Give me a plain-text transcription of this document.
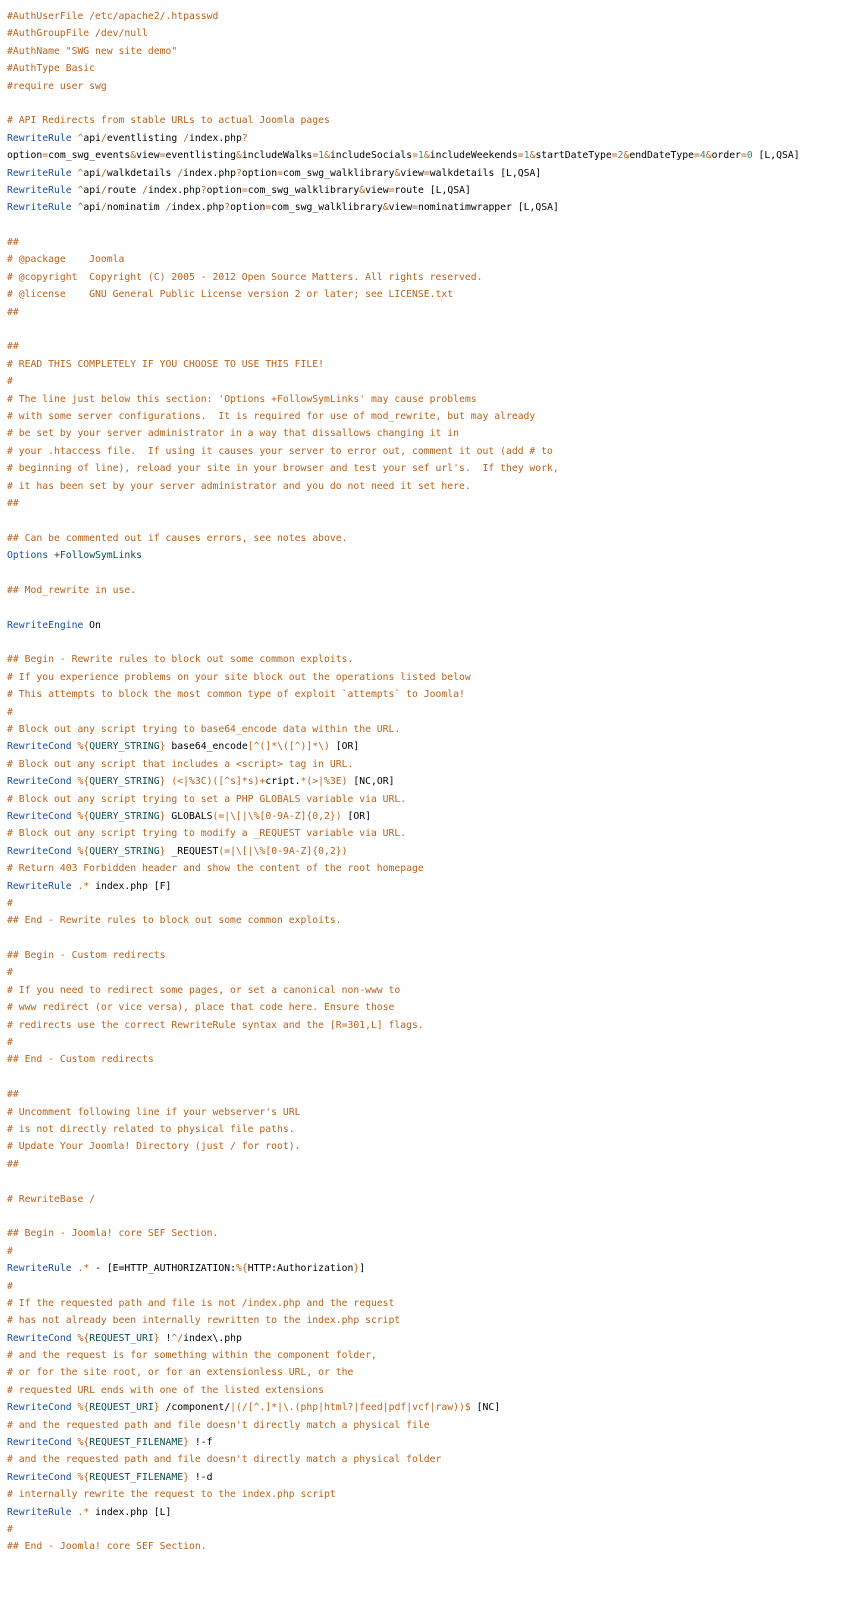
#AuthUserFile /etc/apache2/.htpasswd
#AuthGroupFile /dev/null
#AuthName "SWG new site demo"
#AuthType Basic
#require user swg
# API Redirects from stable URLs to actual Joomla pages
RewriteRule ^api/eventlisting /index.php?
option=com_swg_events&view=eventlisting&includeWalks=1&includeSocials=1&includeWeekends=1&startDateType=2&endDateType=4&order=0 [L,QSA]
RewriteRule ^api/walkdetails /index.php?option=com_swg_walklibrary&view=walkdetails [L,QSA]
RewriteRule ^api/route /index.php?option=com_swg_walklibrary&view=route [L,QSA]
RewriteRule ^api/nominatim /index.php?option=com_swg_walklibrary&view=nominatimwrapper [L,QSA]
##
# @package    Joomla
# @copyright  Copyright (C) 2005 - 2012 Open Source Matters. All rights reserved.
# @license    GNU General Public License version 2 or later; see LICENSE.txt
##
##
# READ THIS COMPLETELY IF YOU CHOOSE TO USE THIS FILE!
#
# The line just below this section: 'Options +FollowSymLinks' may cause problems
# with some server configurations.  It is required for use of mod_rewrite, but may already
# be set by your server administrator in a way that dissallows changing it in
# your .htaccess file.  If using it causes your server to error out, comment it out (add # to
# beginning of line), reload your site in your browser and test your sef url's.  If they work,
# it has been set by your server administrator and you do not need it set here.
##
## Can be commented out if causes errors, see notes above.
Options +FollowSymLinks
## Mod_rewrite in use.
RewriteEngine On
## Begin - Rewrite rules to block out some common exploits.
# If you experience problems on your site block out the operations listed below
# This attempts to block the most common type of exploit `attempts` to Joomla!
#
# Block out any script trying to base64_encode data within the URL.
RewriteCond %{QUERY_STRING} base64_encode[^(]*\([^)]*\) [OR]
# Block out any script that includes a <script> tag in URL.
RewriteCond %{QUERY_STRING} (<|%3C)([^s]*s)+cript.*(>|%3E) [NC,OR]
# Block out any script trying to set a PHP GLOBALS variable via URL.
RewriteCond %{QUERY_STRING} GLOBALS(=|\[|\%[0-9A-Z]{0,2}) [OR]
# Block out any script trying to modify a _REQUEST variable via URL.
RewriteCond %{QUERY_STRING} _REQUEST(=|\[|\%[0-9A-Z]{0,2})
# Return 403 Forbidden header and show the content of the root homepage
RewriteRule .* index.php [F]
#
## End - Rewrite rules to block out some common exploits.
## Begin - Custom redirects
#
# If you need to redirect some pages, or set a canonical non-www to
# www redirect (or vice versa), place that code here. Ensure those
# redirects use the correct RewriteRule syntax and the [R=301,L] flags.
#
## End - Custom redirects
##
# Uncomment following line if your webserver's URL
# is not directly related to physical file paths.
# Update Your Joomla! Directory (just / for root).
##
# RewriteBase /
## Begin - Joomla! core SEF Section.
#
RewriteRule .* - [E=HTTP_AUTHORIZATION:%{HTTP:Authorization}]
#
# If the requested path and file is not /index.php and the request
# has not already been internally rewritten to the index.php script
RewriteCond %{REQUEST_URI} !^/index\.php
# and the request is for something within the component folder,
# or for the site root, or for an extensionless URL, or the
# requested URL ends with one of the listed extensions
RewriteCond %{REQUEST_URI} /component/|(/[^.]*|\.(php|html?|feed|pdf|vcf|raw))$ [NC]
# and the requested path and file doesn't directly match a physical file
RewriteCond %{REQUEST_FILENAME} !-f
# and the requested path and file doesn't directly match a physical folder
RewriteCond %{REQUEST_FILENAME} !-d
# internally rewrite the request to the index.php script
RewriteRule .* index.php [L]
#
## End - Joomla! core SEF Section.
